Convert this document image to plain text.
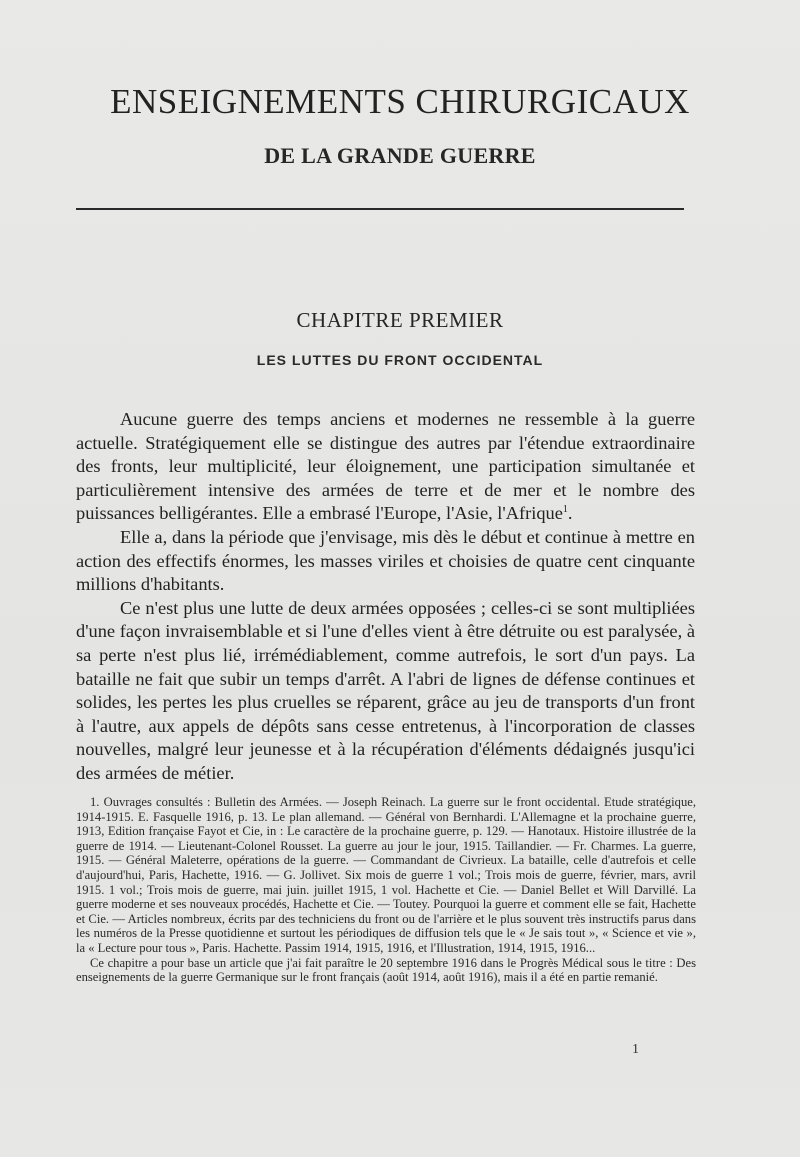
ENSEIGNEMENTS CHIRURGICAUX
DE LA GRANDE GUERRE
CHAPITRE PREMIER
LES LUTTES DU FRONT OCCIDENTAL

Aucune guerre des temps anciens et modernes ne ressemble à la guerre actuelle. Stratégiquement elle se distingue des autres par l'étendue extraordinaire des fronts, leur multiplicité, leur éloignement, une participation simultanée et particulièrement intensive des armées de terre et de mer et le nombre des puissances belligérantes. Elle a embrasé l'Europe, l'Asie, l'Afrique$^1$.

Elle a, dans la période que j'envisage, mis dès le début et continue à mettre en action des effectifs énormes, les masses viriles et choisies de quatre cent cinquante millions d'habitants.

Ce n'est plus une lutte de deux armées opposées ; celles-ci se sont multipliées d'une façon invraisemblable et si l'une d'elles vient à être détruite ou est paralysée, à sa perte n'est plus lié, irrémédiablement, comme autrefois, le sort d'un pays. La bataille ne fait que subir un temps d'arrêt. A l'abri de lignes de défense continues et solides, les pertes les plus cruelles se réparent, grâce au jeu de transports d'un front à l'autre, aux appels de dépôts sans cesse entretenus, à l'incorporation de classes nouvelles, malgré leur jeunesse et à la récupération d'éléments dédaignés jusqu'ici des armées de métier.

1. Ouvrages consultés : Bulletin des Armées. — Joseph Reinach. La guerre sur le front occidental. Etude stratégique, 1914-1915. E. Fasquelle 1916, p. 13. Le plan allemand. — Général von Bernhardi. L'Allemagne et la prochaine guerre, 1913, Edition française Fayot et Cie, in : Le caractère de la prochaine guerre, p. 129. — Hanotaux. Histoire illustrée de la guerre de 1914. — Lieutenant-Colonel Rousset. La guerre au jour le jour, 1915. Taillandier. — Fr. Charmes. La guerre, 1915. — Général Maleterre, opérations de la guerre. — Commandant de Civrieux. La bataille, celle d'autrefois et celle d'aujourd'hui, Paris, Hachette, 1916. — G. Jollivet. Six mois de guerre 1 vol.; Trois mois de guerre, février, mars, avril 1915. 1 vol.; Trois mois de guerre, mai juin. juillet 1915, 1 vol. Hachette et Cie. — Daniel Bellet et Will Darvillé. La guerre moderne et ses nouveaux procédés, Hachette et Cie. — Toutey. Pourquoi la guerre et comment elle se fait, Hachette et Cie. — Articles nombreux, écrits par des techniciens du front ou de l'arrière et le plus souvent très instructifs parus dans les numéros de la Presse quotidienne et surtout les périodiques de diffusion tels que le « Je sais tout », « Science et vie », la « Lecture pour tous », Paris. Hachette. Passim 1914, 1915, 1916, et l'Illustration, 1914, 1915, 1916...

Ce chapitre a pour base un article que j'ai fait paraître le 20 septembre 1916 dans le Progrès Médical sous le titre : Des enseignements de la guerre Germanique sur le front français (août 1914, août 1916), mais il a été en partie remanié.

1
